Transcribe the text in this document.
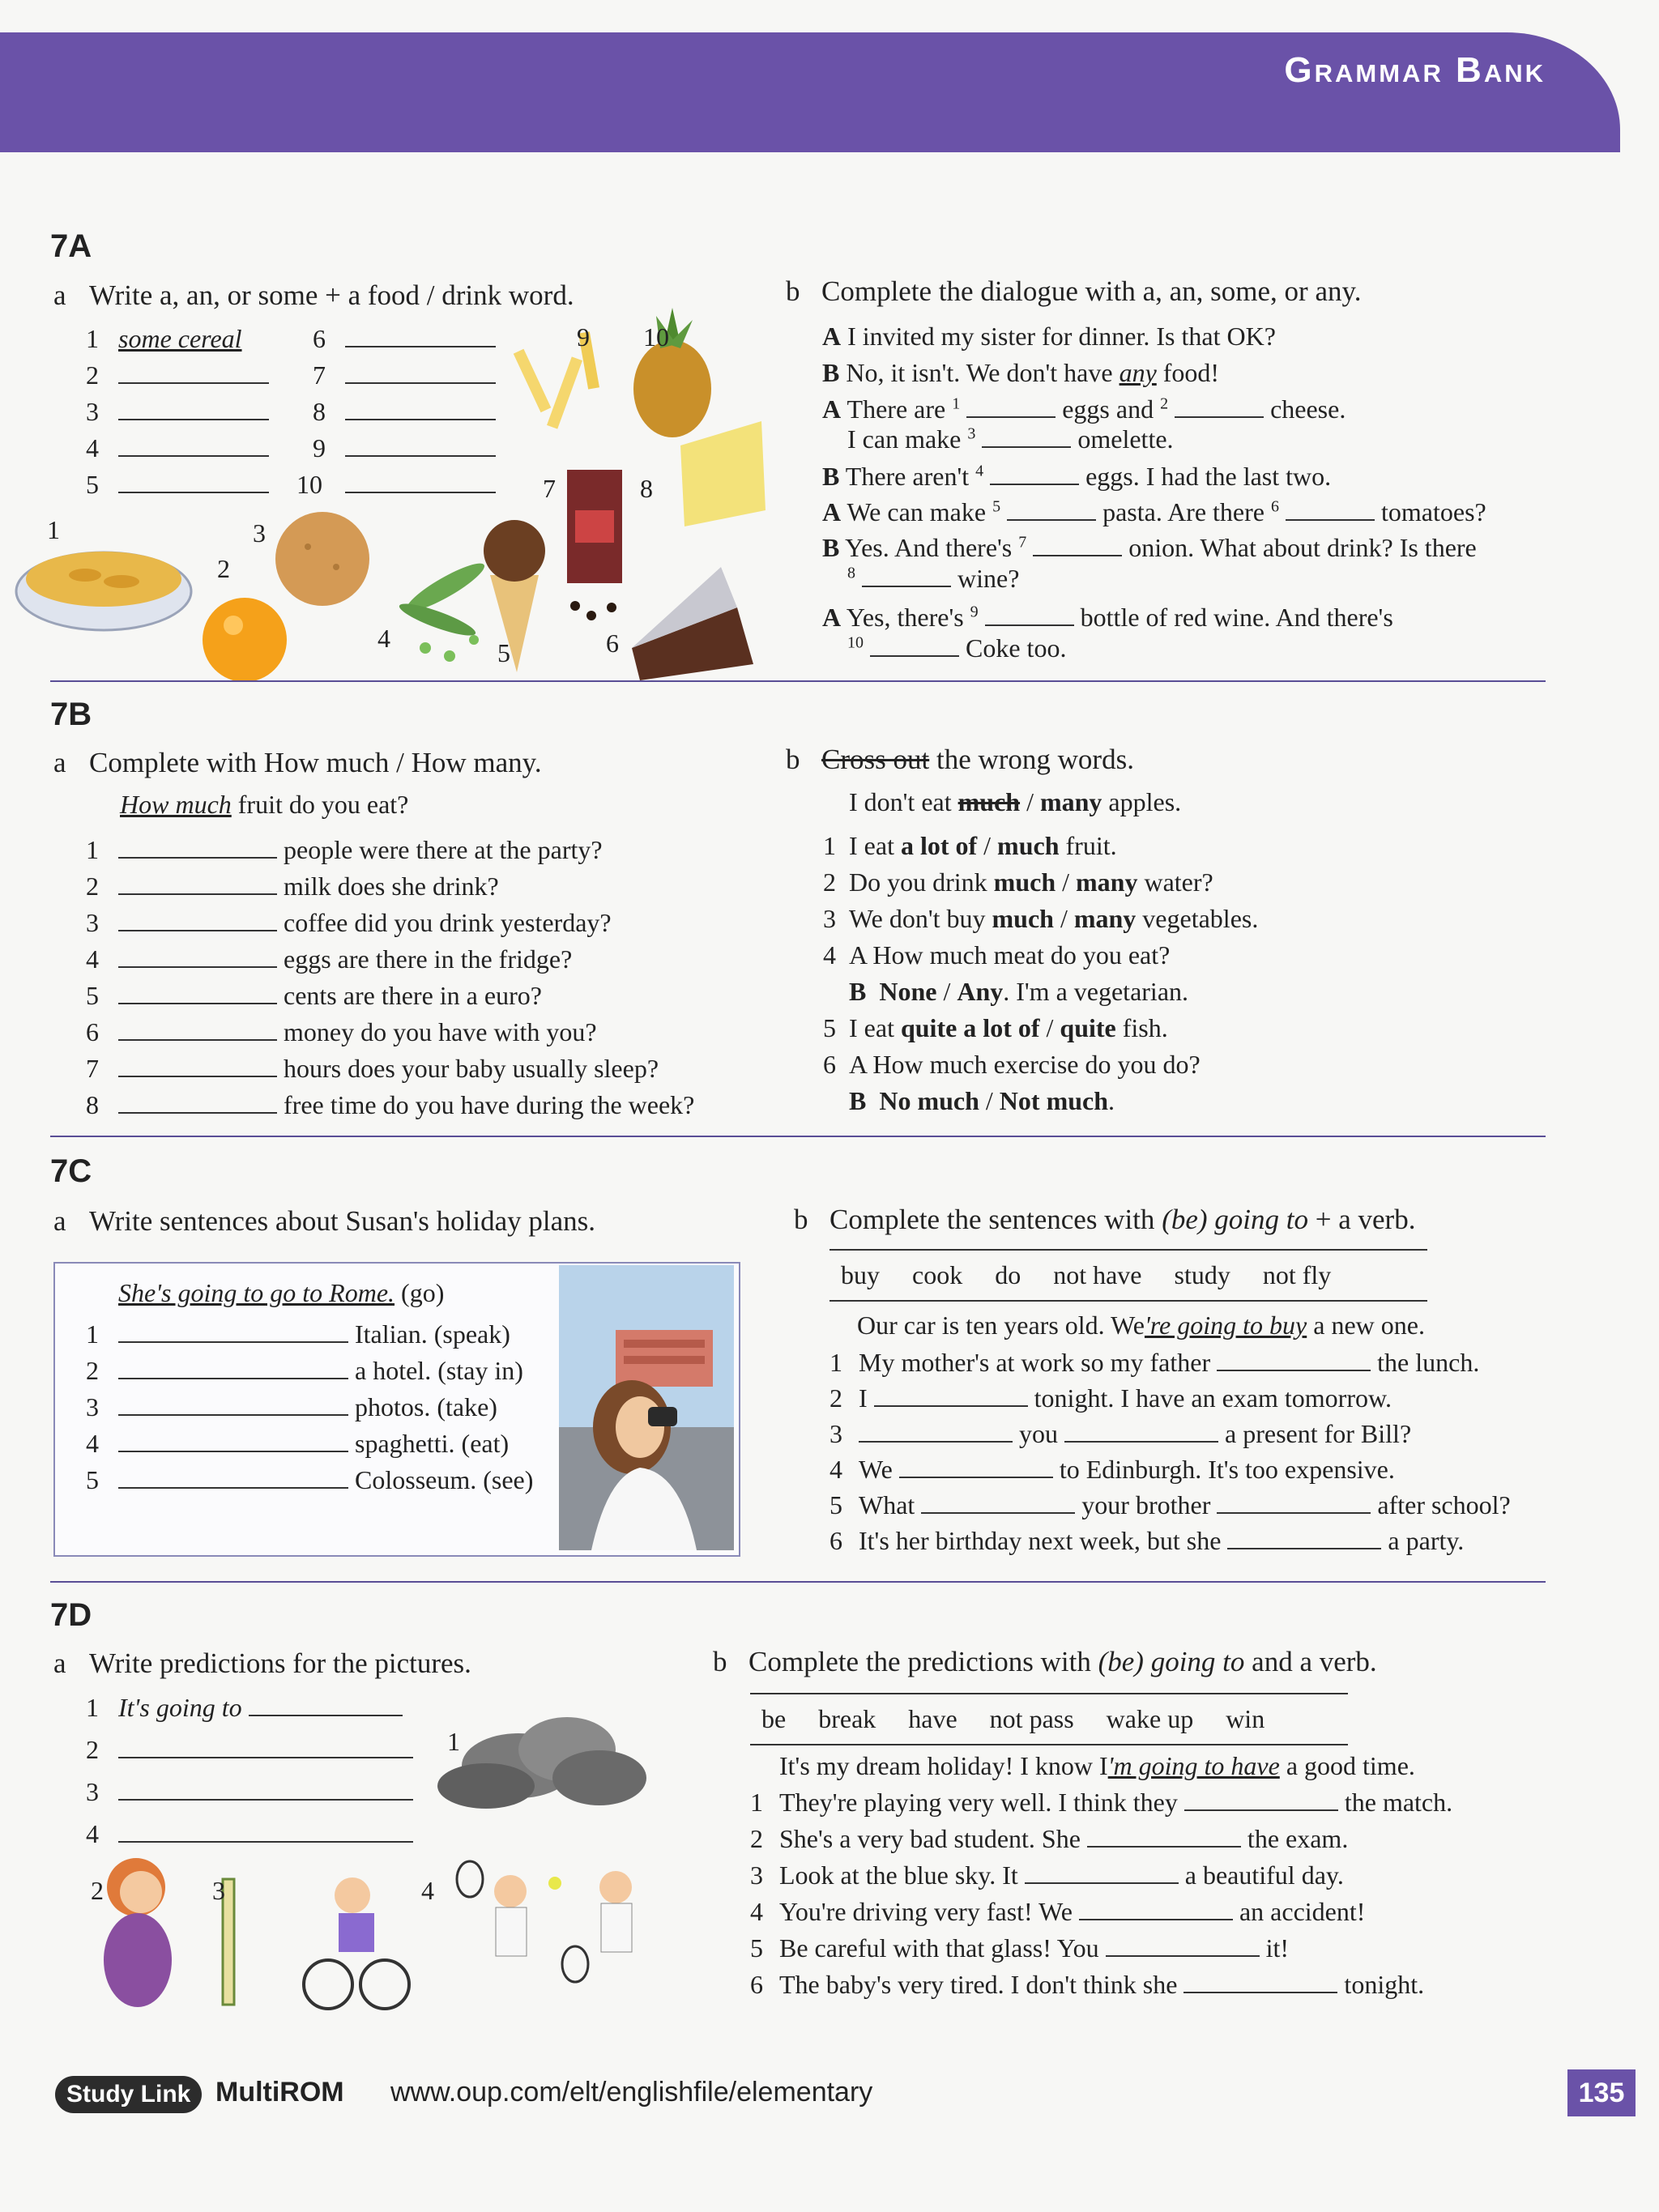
Grammar Bank
7A
a Write a, an, or some + a food / drink word.
1 some cereal
2
3
4
5
6
7
8
9
10
1
2
3
4	5	6
7	8
9 10
b Complete the dialogue with a, an, some, or any.
A I invited my sister for dinner. Is that OK?
B No, it isn't. We don't have any food!
A There are $^1$	eggs and $^2$	cheese.
I can make $^3$	omelette.
B There aren't $^4$	eggs. I had the last two.
A We can make $^5$	pasta. Are there $^6$	tomatoes?
B Yes. And there's $^7$	onion. What about drink? Is there
$^8$	wine?
A Yes, there's $^9$	bottle of red wine. And there's
$^{10}$	Coke too.
7B
a Complete with How much / How many.
How much fruit do you eat?
1	people were there at the party?
2	milk does she drink?
3	coffee did you drink yesterday?
4	eggs are there in the fridge?
5	cents are there in a euro?
6	money do you have with you?
7	hours does your baby usually sleep?
8	free time do you have during the week?
b Cross out the wrong words.
I don't eat much / many apples.
1 I eat a lot of / much fruit.
2 Do you drink much / many water?
3 We don't buy much / many vegetables.
4 A How much meat do you eat?
B None / Any. I'm a vegetarian.
5 I eat quite a lot of / quite fish.
6 A How much exercise do you do?
B No much / Not much.
7C
a Write sentences about Susan's holiday plans.
She's going to go to Rome. (go)
1	Italian. (speak)
2	a hotel. (stay in)
3	photos. (take)
4	spaghetti. (eat)
5	Colosseum. (see)
b Complete the sentences with (be) going to + a verb.
buy cook do not have study not fly
Our car is ten years old. We're going to buy a new one.
1 My mother's at work so my father	the lunch.
2 I	tonight. I have an exam tomorrow.
3	you	a present for Bill?
4 We	to Edinburgh. It's too expensive.
5 What	your brother	after school?
6 It's her birthday next week, but she	a party.
7D
a Write predictions for the pictures.
1 It's going to
2
3
4
1
2	3	4
b Complete the predictions with (be) going to and a verb.
be break have not pass wake up win
It's my dream holiday! I know I'm going to have a good time.
1 They're playing very well. I think they	the match.
2 She's a very bad student. She	the exam.
3 Look at the blue sky. It	a beautiful day.
4 You're driving very fast! We	an accident!
5 Be careful with that glass! You	it!
6 The baby's very tired. I don't think she	tonight.
Study Link MultiROM www.oup.com/elt/englishfile/elementary	135
